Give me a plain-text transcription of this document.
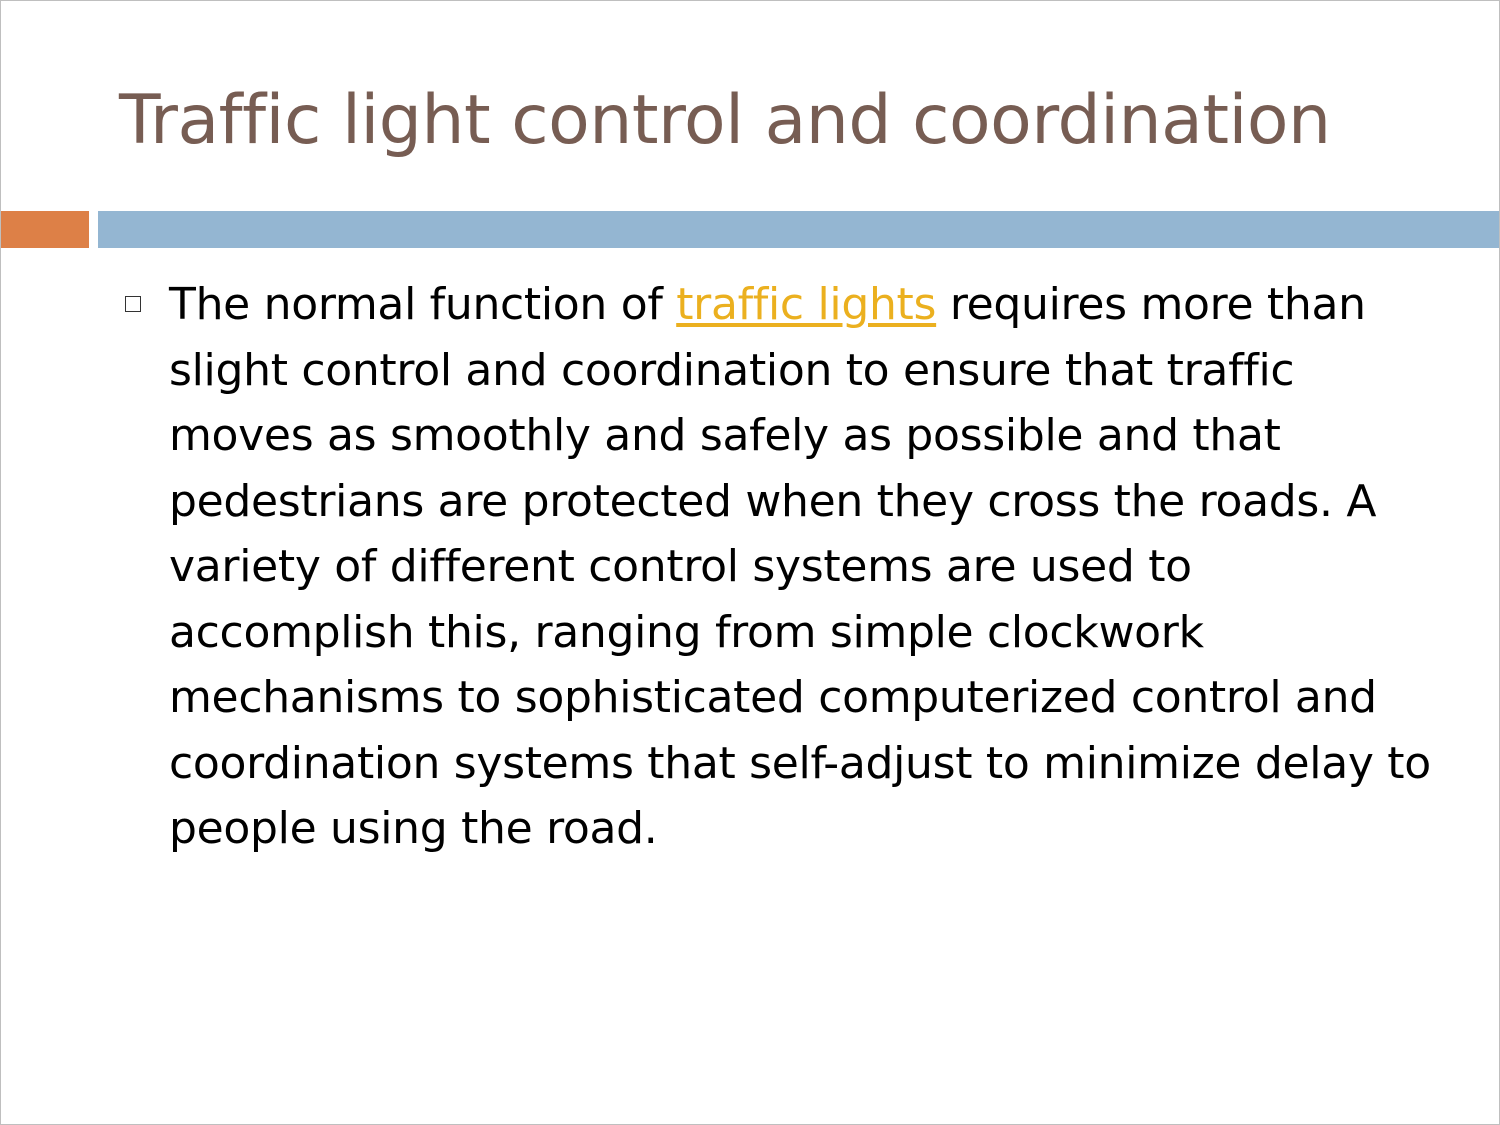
Traffic light control and coordination

The normal function of traffic lights requires more than slight control and coordination to ensure that traffic moves as smoothly and safely as possible and that pedestrians are protected when they cross the roads. A variety of different control systems are used to accomplish this, ranging from simple clockwork mechanisms to sophisticated computerized control and coordination systems that self-adjust to minimize delay to people using the road.
